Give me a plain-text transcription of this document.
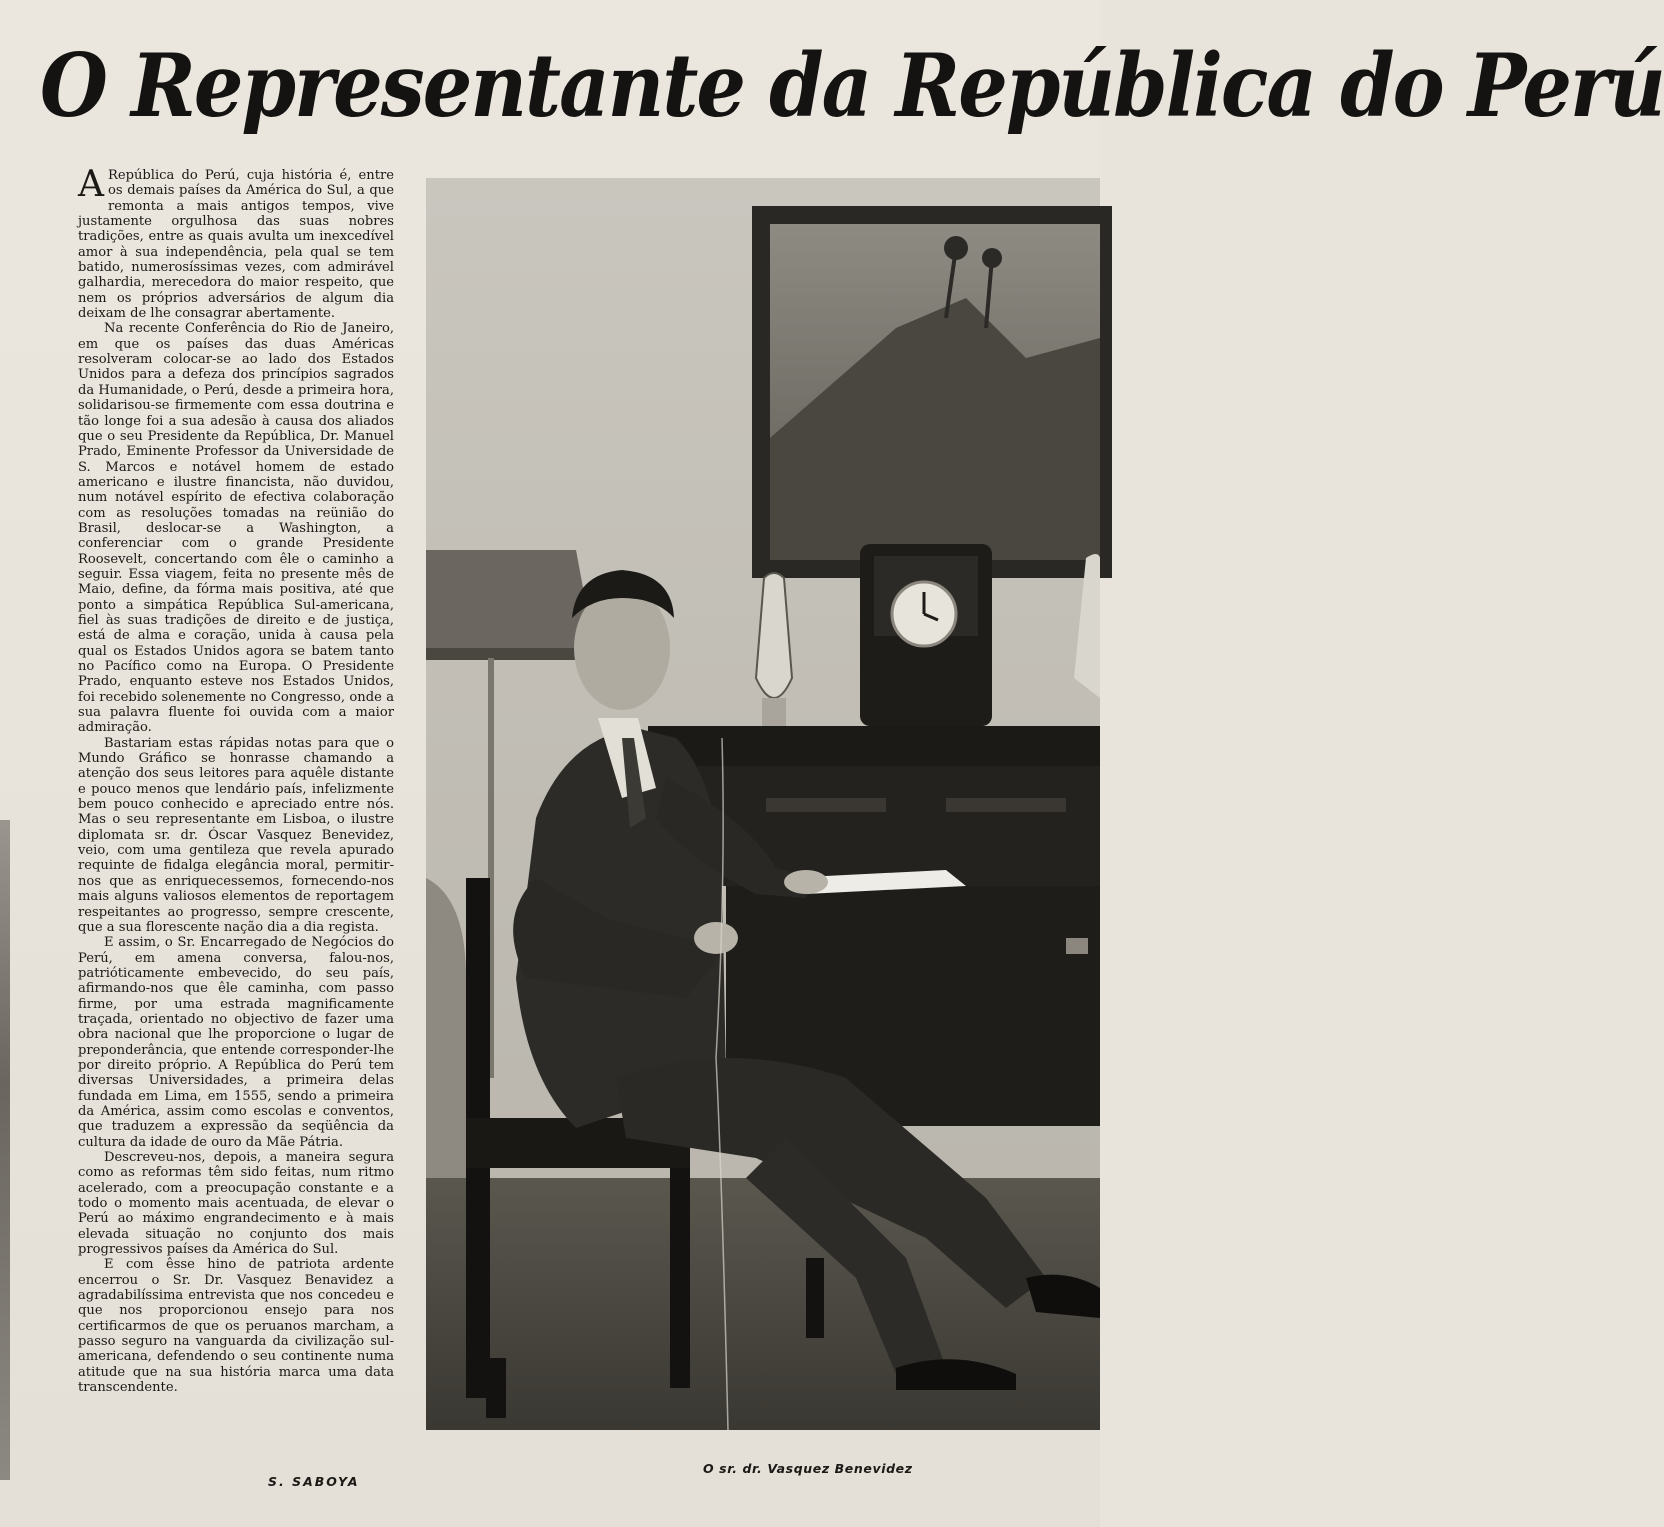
O Representante da República do Perú

A República do Perú, cuja história é, entre os demais países da América do Sul, a que remonta a mais antigos tempos, vive justamente orgulhosa das suas nobres tradições, entre as quais avulta um inexcedível amor à sua independência, pela qual se tem batido, numerosíssimas vezes, com admirável galhardia, merecedora do maior respeito, que nem os próprios adversários de algum dia deixam de lhe consagrar abertamente.

Na recente Conferência do Rio de Janeiro, em que os países das duas Américas resolveram colocar-se ao lado dos Estados Unidos para a defeza dos princípios sagrados da Humanidade, o Perú, desde a primeira hora, solidarisou-se firmemente com essa doutrina e tão longe foi a sua adesão à causa dos aliados que o seu Presidente da República, Dr. Manuel Prado, Eminente Professor da Universidade de S. Marcos e notável homem de estado americano e ilustre financista, não duvidou, num notável espírito de efectiva colaboração com as resoluções tomadas na reünião do Brasil, deslocar-se a Washington, a conferenciar com o grande Presidente Roosevelt, concertando com êle o caminho a seguir. Essa viagem, feita no presente mês de Maio, define, da fórma mais positiva, até que ponto a simpática República Sul-americana, fiel às suas tradições de direito e de justiça, está de alma e coração, unida à causa pela qual os Estados Unidos agora se batem tanto no Pacífico como na Europa. O Presidente Prado, enquanto esteve nos Estados Unidos, foi recebido solenemente no Congresso, onde a sua palavra fluente foi ouvida com a maior admiração.

Bastariam estas rápidas notas para que o Mundo Gráfico se honrasse chamando a atenção dos seus leitores para aquêle distante e pouco menos que lendário país, infelizmente bem pouco conhecido e apreciado entre nós. Mas o seu representante em Lisboa, o ilustre diplomata sr. dr. Óscar Vasquez Benevidez, veio, com uma gentileza que revela apurado requinte de fidalga elegância moral, permitir-nos que as enriquecessemos, fornecendo-nos mais alguns valiosos elementos de reportagem respeitantes ao progresso, sempre crescente, que a sua florescente nação dia a dia regista.

E assim, o Sr. Encarregado de Negócios do Perú, em amena conversa, falou-nos, patrióticamente embevecido, do seu país, afirmando-nos que êle caminha, com passo firme, por uma estrada magnificamente traçada, orientado no objectivo de fazer uma obra nacional que lhe proporcione o lugar de preponderância, que entende corresponder-lhe por direito próprio. A República do Perú tem diversas Universidades, a primeira delas fundada em Lima, em 1555, sendo a primeira da América, assim como escolas e conventos, que traduzem a expressão da seqüência da cultura da idade de ouro da Mãe Pátria.

Descreveu-nos, depois, a maneira segura como as reformas têm sido feitas, num ritmo acelerado, com a preocupação constante e a todo o momento mais acentuada, de elevar o Perú ao máximo engrandecimento e à mais elevada situação no conjunto dos mais progressivos países da América do Sul.

E com êsse hino de patriota ardente encerrou o Sr. Dr. Vasquez Benavidez a agradabilíssima entrevista que nos concedeu e que nos proporcionou ensejo para nos certificarmos de que os peruanos marcham, a passo seguro na vanguarda da civilização sul-americana, defendendo o seu continente numa atitude que na sua história marca uma data transcendente.

S. SABOYA
O sr. dr. Vasquez Benevidez
